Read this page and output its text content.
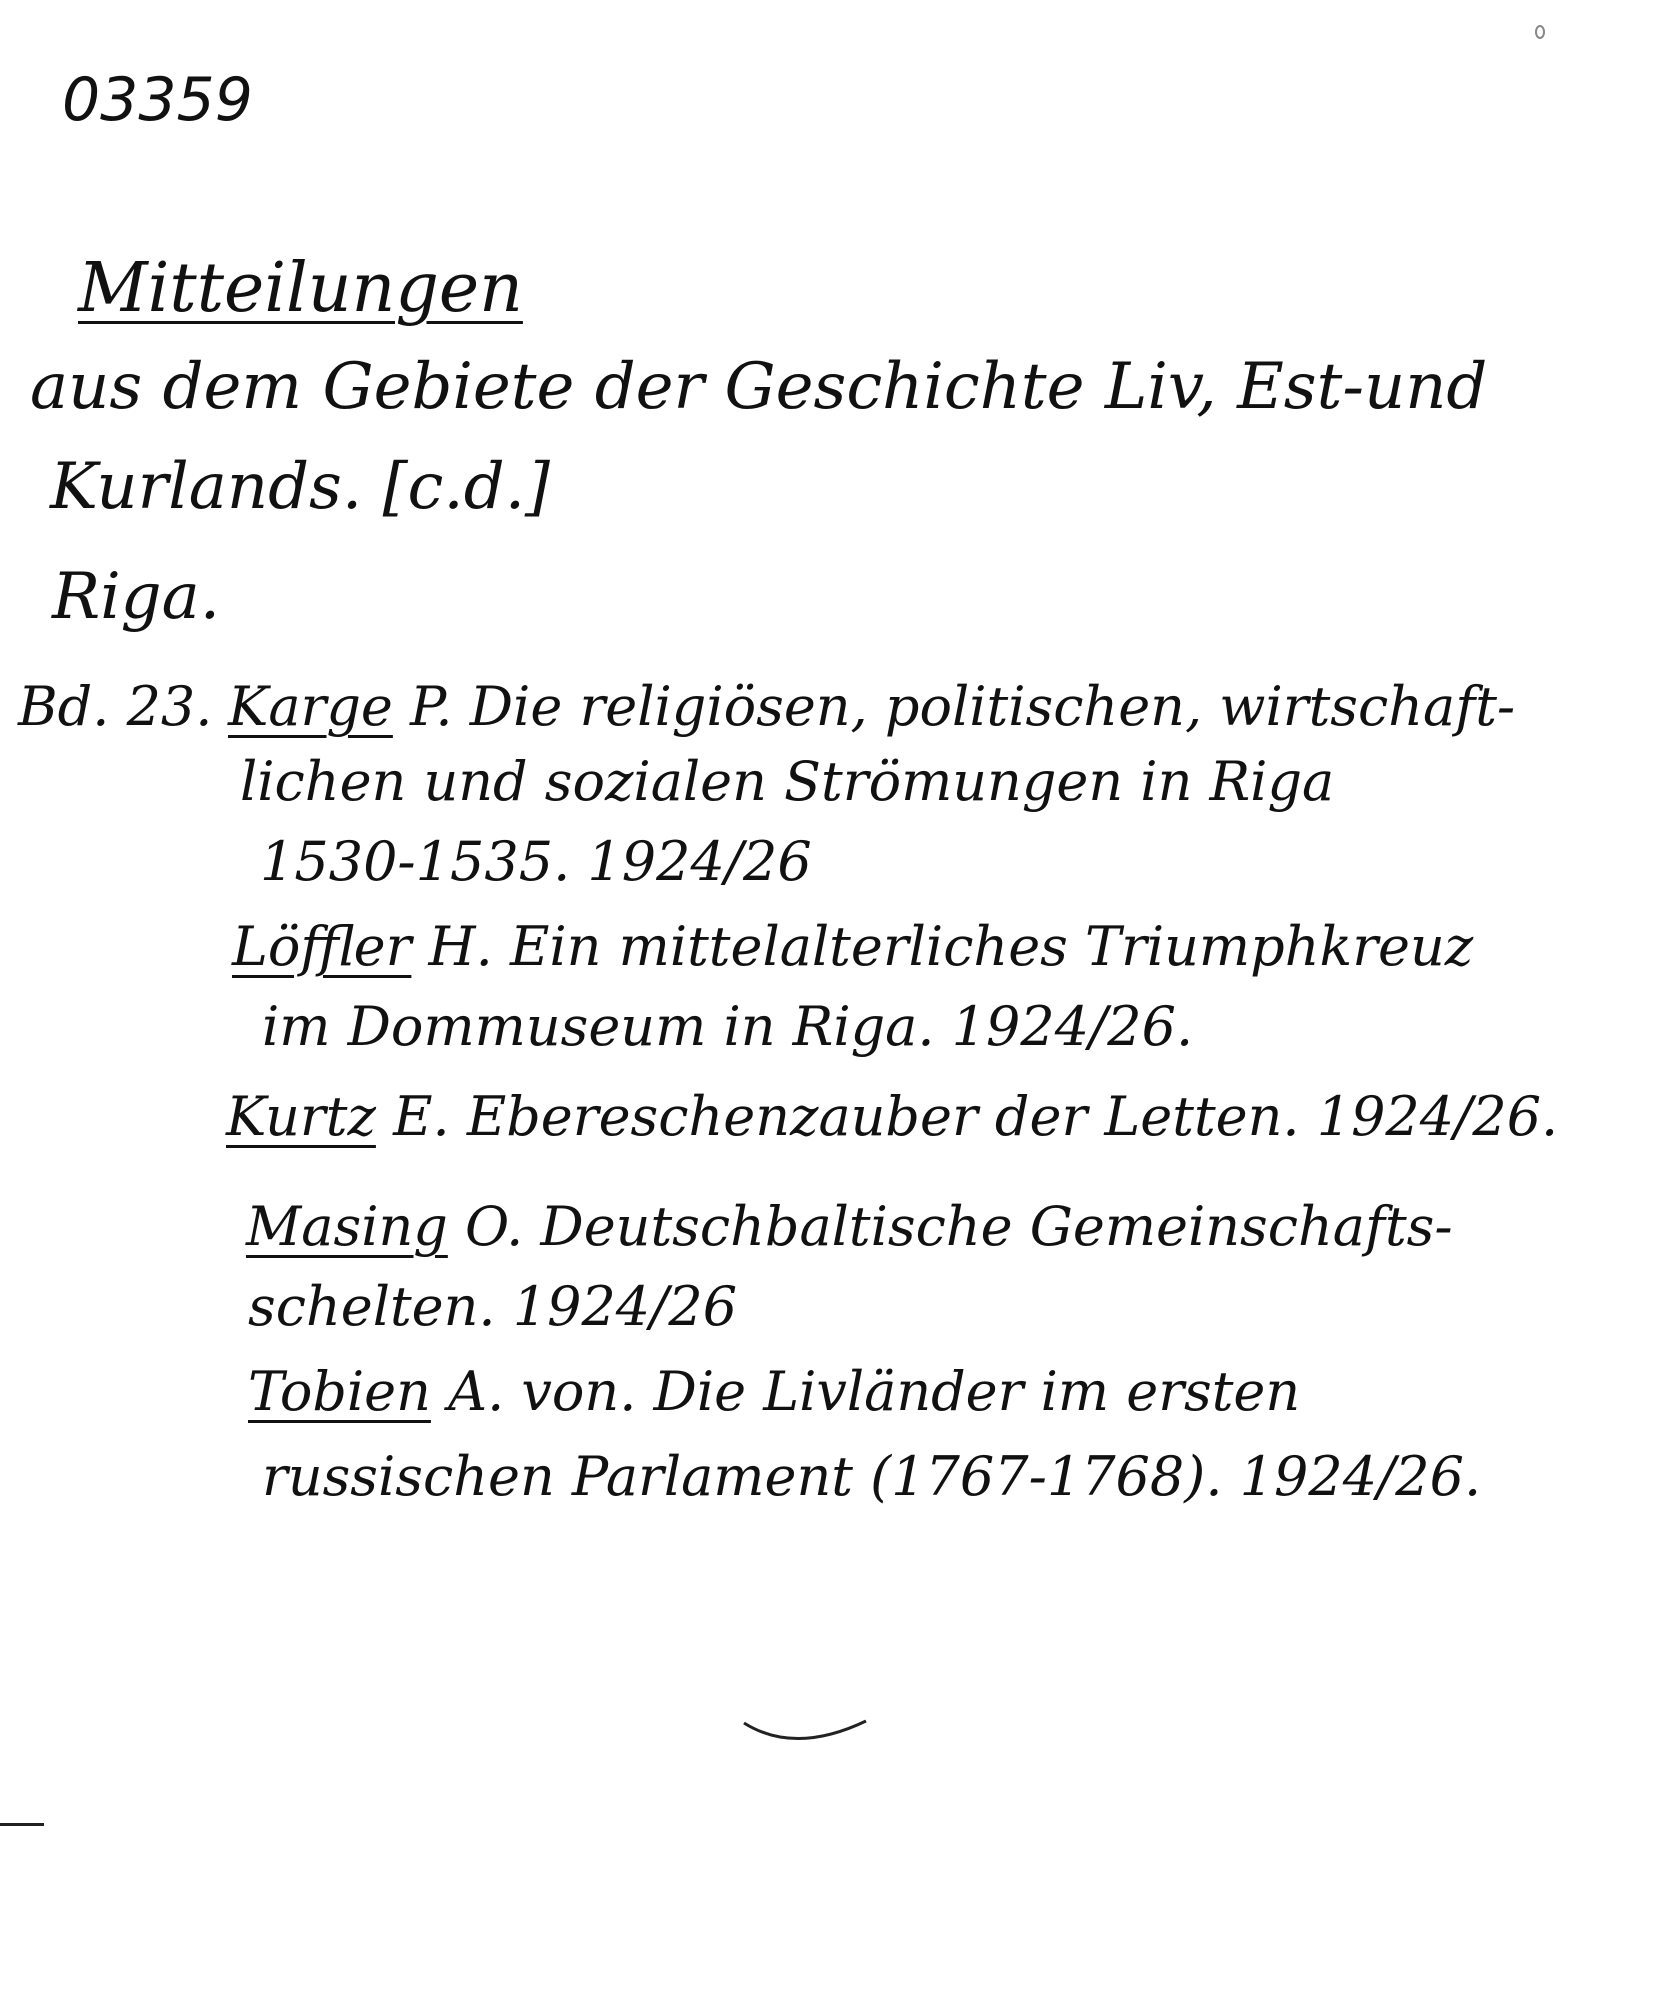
03359
Mitteilungen
aus dem Gebiete der Geschichte Liv, Est-und
Kurlands. [c.d.]
Riga.
Bd. 23. Karge P. Die religiösen, politischen, wirtschaft-
lichen und sozialen Strömungen in Riga
1530-1535. 1924/26
Löffler H. Ein mittelalterliches Triumphkreuz
im Dommuseum in Riga. 1924/26.
Kurtz E. Ebereschenzauber der Letten. 1924/26.
Masing O. Deutschbaltische Gemeinschafts-
schelten. 1924/26
Tobien A. von. Die Livländer im ersten
russischen Parlament (1767-1768). 1924/26.
